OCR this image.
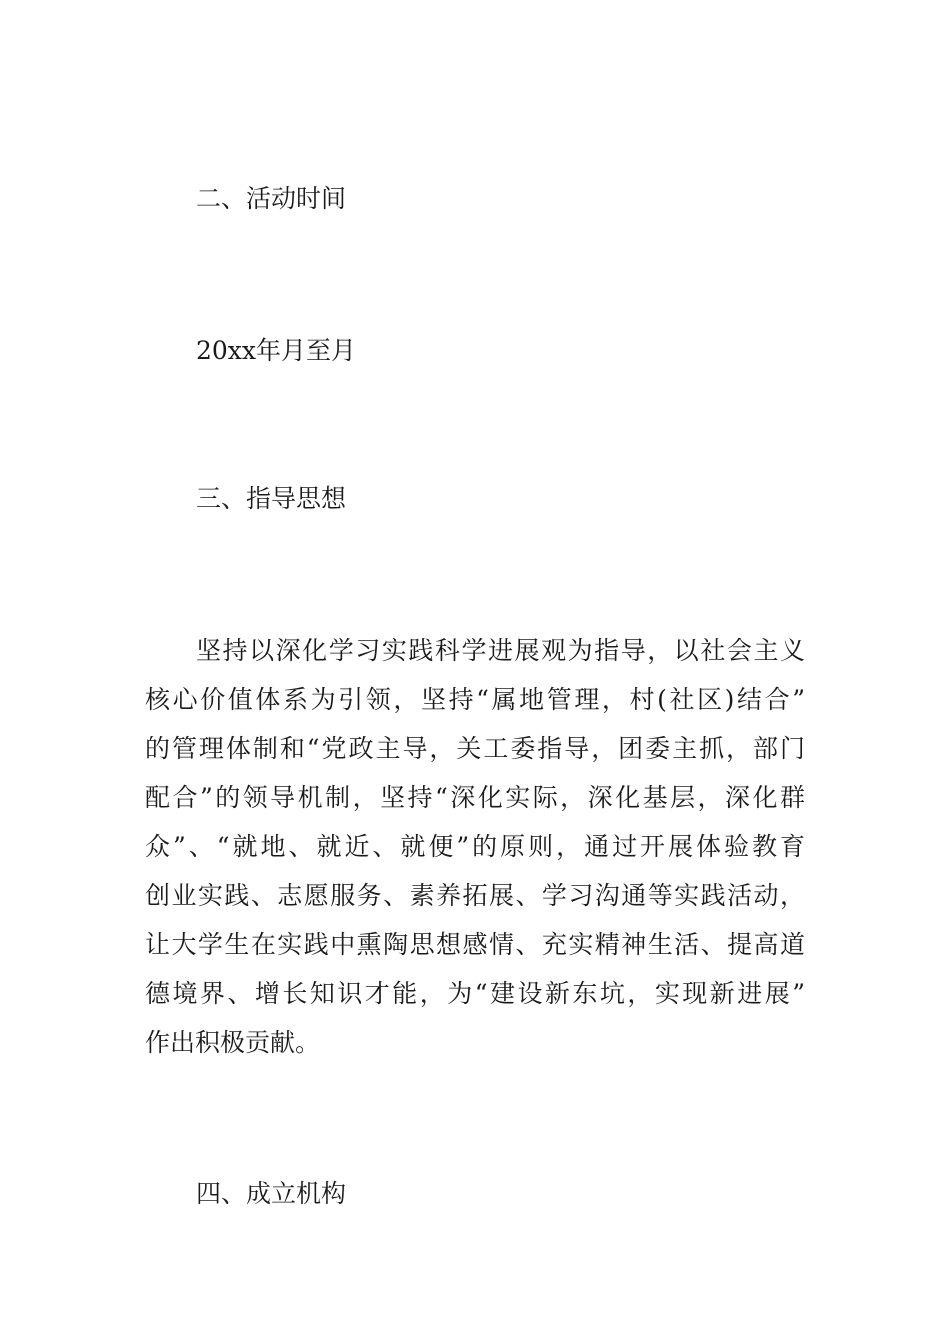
二、活动时间
20xx年月至月
三、指导思想
坚持以深化学习实践科学进展观为指导，以社会主义
核心价值体系为引领，坚持“属地管理，村(社区)结合”
的管理体制和“党政主导，关工委指导，团委主抓，部门
配合”的领导机制，坚持“深化实际，深化基层，深化群
众”、“就地、就近、就便”的原则，通过开展体验教育
创业实践、志愿服务、素养拓展、学习沟通等实践活动，
让大学生在实践中熏陶思想感情、充实精神生活、提高道
德境界、增长知识才能，为“建设新东坑，实现新进展”
作出积极贡献。
四、成立机构
